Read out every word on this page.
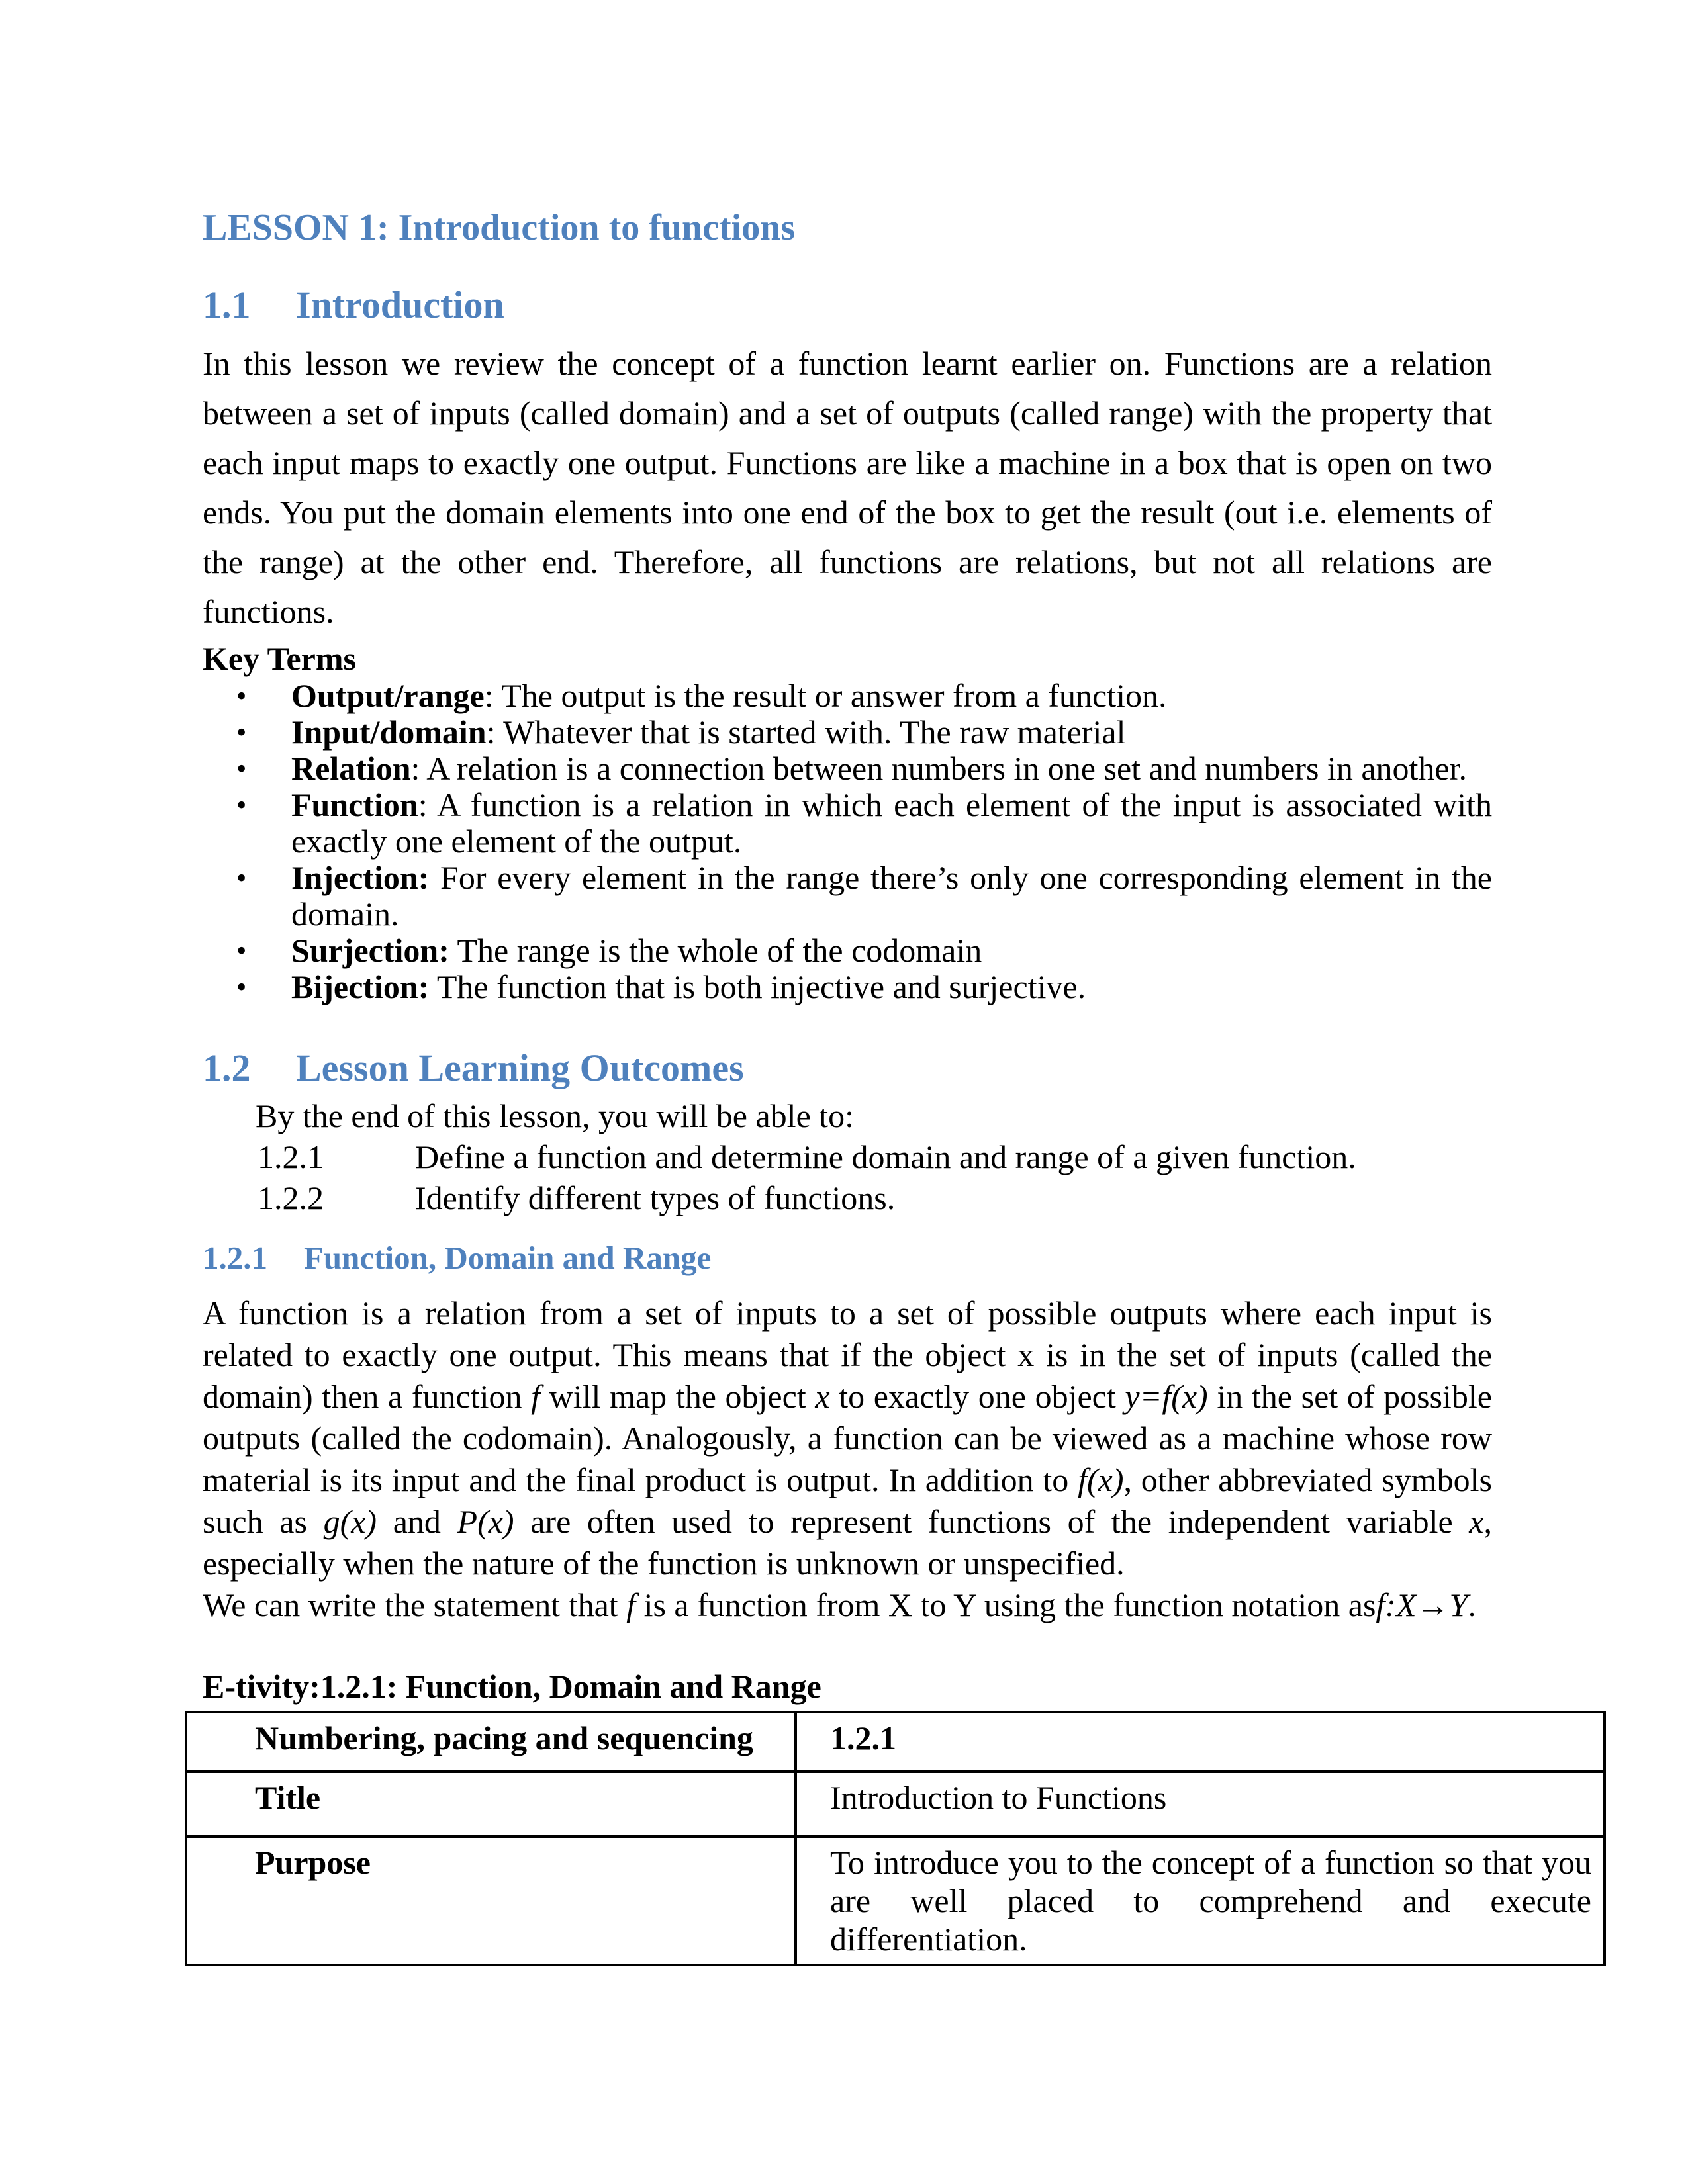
LESSON 1: Introduction to functions
1.1	Introduction

In this lesson we review the concept of a function learnt earlier on. Functions are a relation between a set of inputs (called domain) and a set of outputs (called range) with the property that each input maps to exactly one output. Functions are like a machine in a box that is open on two ends. You put the domain elements into one end of the box to get the result (out i.e. elements of the range) at the other end. Therefore, all functions are relations, but not all relations are functions.

Key Terms
•	Output/range: The output is the result or answer from a function.
•	Input/domain: Whatever that is started with. The raw material
•	Relation: A relation is a connection between numbers in one set and numbers in another.
•	Function: A function is a relation in which each element of the input is associated with exactly one element of the output.
•	Injection: For every element in the range there’s only one corresponding element in the domain.
•	Surjection: The range is the whole of the codomain
•	Bijection: The function that is both injective and surjective.
1.2	Lesson Learning Outcomes
By the end of this lesson, you will be able to:
1.2.1	Define a function and determine domain and range of a given function.
1.2.2	Identify different types of functions.
1.2.1	Function, Domain and Range

A function is a relation from a set of inputs to a set of possible outputs where each input is related to exactly one output. This means that if the object x is in the set of inputs (called the domain) then a function f will map the object x to exactly one object y=f(x) in the set of possible outputs (called the codomain). Analogously, a function can be viewed as a machine whose row material is its input and the final product is output. In addition to f(x), other abbreviated symbols such as g(x) and P(x) are often used to represent functions of the independent variable x, especially when the nature of the function is unknown or unspecified.

We can write the statement that f is a function from X to Y using the function notation asf:X→Y.

E-tivity:1.2.1: Function, Domain and Range
Numbering, pacing and sequencing	1.2.1
Title	Introduction to Functions
Purpose	To introduce you to the concept of a function so that you are well placed to comprehend and execute differentiation.
